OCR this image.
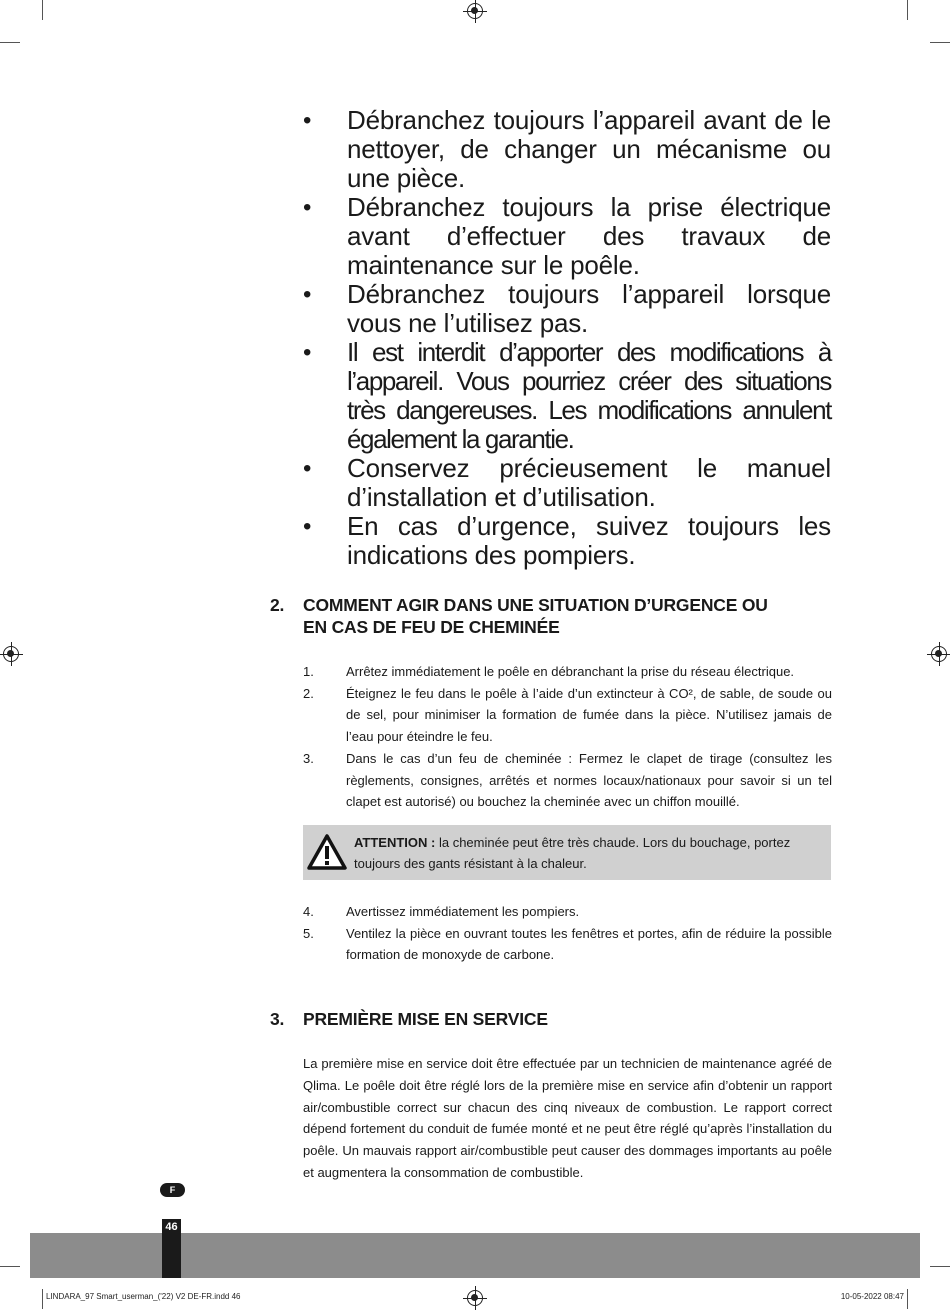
• Débranchez toujours l’appareil avant de le nettoyer, de changer un mécanisme ou une pièce.
• Débranchez toujours la prise électrique avant d’effectuer des travaux de maintenance sur le poêle.
• Débranchez toujours l’appareil lorsque vous ne l’utilisez pas.
• Il est interdit d’apporter des modifications à l’appareil. Vous pourriez créer des situations très dangereuses. Les modifications annulent également la garantie.
• Conservez précieusement le manuel d’installation et d’utilisation.
• En cas d’urgence, suivez toujours les indications des pompiers.
2. COMMENT AGIR DANS UNE SITUATION D’URGENCE OU
EN CAS DE FEU DE CHEMINÉE
1. Arrêtez immédiatement le poêle en débranchant la prise du réseau électrique.
2. Éteignez le feu dans le poêle à l’aide d’un extincteur à CO², de sable, de soude ou de sel, pour minimiser la formation de fumée dans la pièce. N’utilisez jamais de l’eau pour éteindre le feu.
3. Dans le cas d’un feu de cheminée : Fermez le clapet de tirage (consultez les règlements, consignes, arrêtés et normes locaux/nationaux pour savoir si un tel clapet est autorisé) ou bouchez la cheminée avec un chiffon mouillé.
ATTENTION : la cheminée peut être très chaude. Lors du bouchage, portez toujours des gants résistant à la chaleur.
4. Avertissez immédiatement les pompiers.
5. Ventilez la pièce en ouvrant toutes les fenêtres et portes, afin de réduire la possible formation de monoxyde de carbone.
3. PREMIÈRE MISE EN SERVICE
La première mise en service doit être effectuée par un technicien de maintenance agréé de Qlima. Le poêle doit être réglé lors de la première mise en service afin d’obtenir un rapport air/combustible correct sur chacun des cinq niveaux de combustion. Le rapport correct dépend fortement du conduit de fumée monté et ne peut être réglé qu’après l’installation du poêle. Un mauvais rapport air/combustible peut causer des dommages importants au poêle et augmentera la consommation de combustible.
F
46
LINDARA_97 Smart_userman_('22) V2 DE-FR.indd 46	10-05-2022 08:47
